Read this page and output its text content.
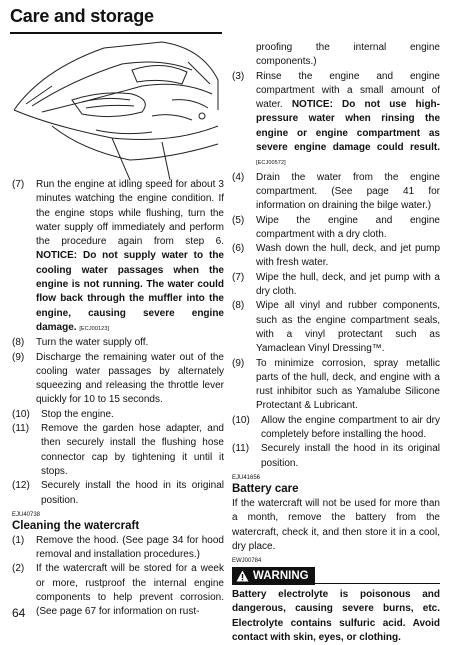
Care and storage
(7)	Run the engine at idling speed for about 3 minutes watching the engine condition. If the engine stops while flushing, turn the water supply off immediately and perform the procedure again from step 6. NOTICE: Do not supply water to the cooling water passages when the engine is not running. The water could flow back through the muffler into the engine, causing severe engine damage. [ECJ00123]
(8)	Turn the water supply off.
(9)	Discharge the remaining water out of the cooling water passages by alternately squeezing and releasing the throttle lever quickly for 10 to 15 seconds.
(10)	Stop the engine.
(11)	Remove the garden hose adapter, and then securely install the flushing hose connector cap by tightening it until it stops.
(12)	Securely install the hood in its original position.
EJU40738
Cleaning the watercraft
(1)	Remove the hood. (See page 34 for hood removal and installation procedures.)
(2)	If the watercraft will be stored for a week or more, rustproof the internal engine components to help prevent corrosion. (See page 67 for information on rust-
proofing the internal engine components.)
(3)	Rinse the engine and engine compartment with a small amount of water. NOTICE: Do not use high-pressure water when rinsing the engine or engine compartment as severe engine damage could result. [ECJ00572]
(4)	Drain the water from the engine compartment. (See page 41 for information on draining the bilge water.)
(5)	Wipe the engine and engine compartment with a dry cloth.
(6)	Wash down the hull, deck, and jet pump with fresh water.
(7)	Wipe the hull, deck, and jet pump with a dry cloth.
(8)	Wipe all vinyl and rubber components, such as the engine compartment seals, with a vinyl protectant such as Yamaclean Vinyl Dressing™.
(9)	To minimize corrosion, spray metallic parts of the hull, deck, and engine with a rust inhibitor such as Yamalube Silicone Protectant & Lubricant.
(10)	Allow the engine compartment to air dry completely before installing the hood.
(11)	Securely install the hood in its original position.
EJU41656
Battery care
If the watercraft will not be used for more than a month, remove the battery from the watercraft, check it, and then store it in a cool, dry place.
EWJ00784
WARNING
Battery electrolyte is poisonous and dangerous, causing severe burns, etc. Electrolyte contains sulfuric acid. Avoid contact with skin, eyes, or clothing.
64
